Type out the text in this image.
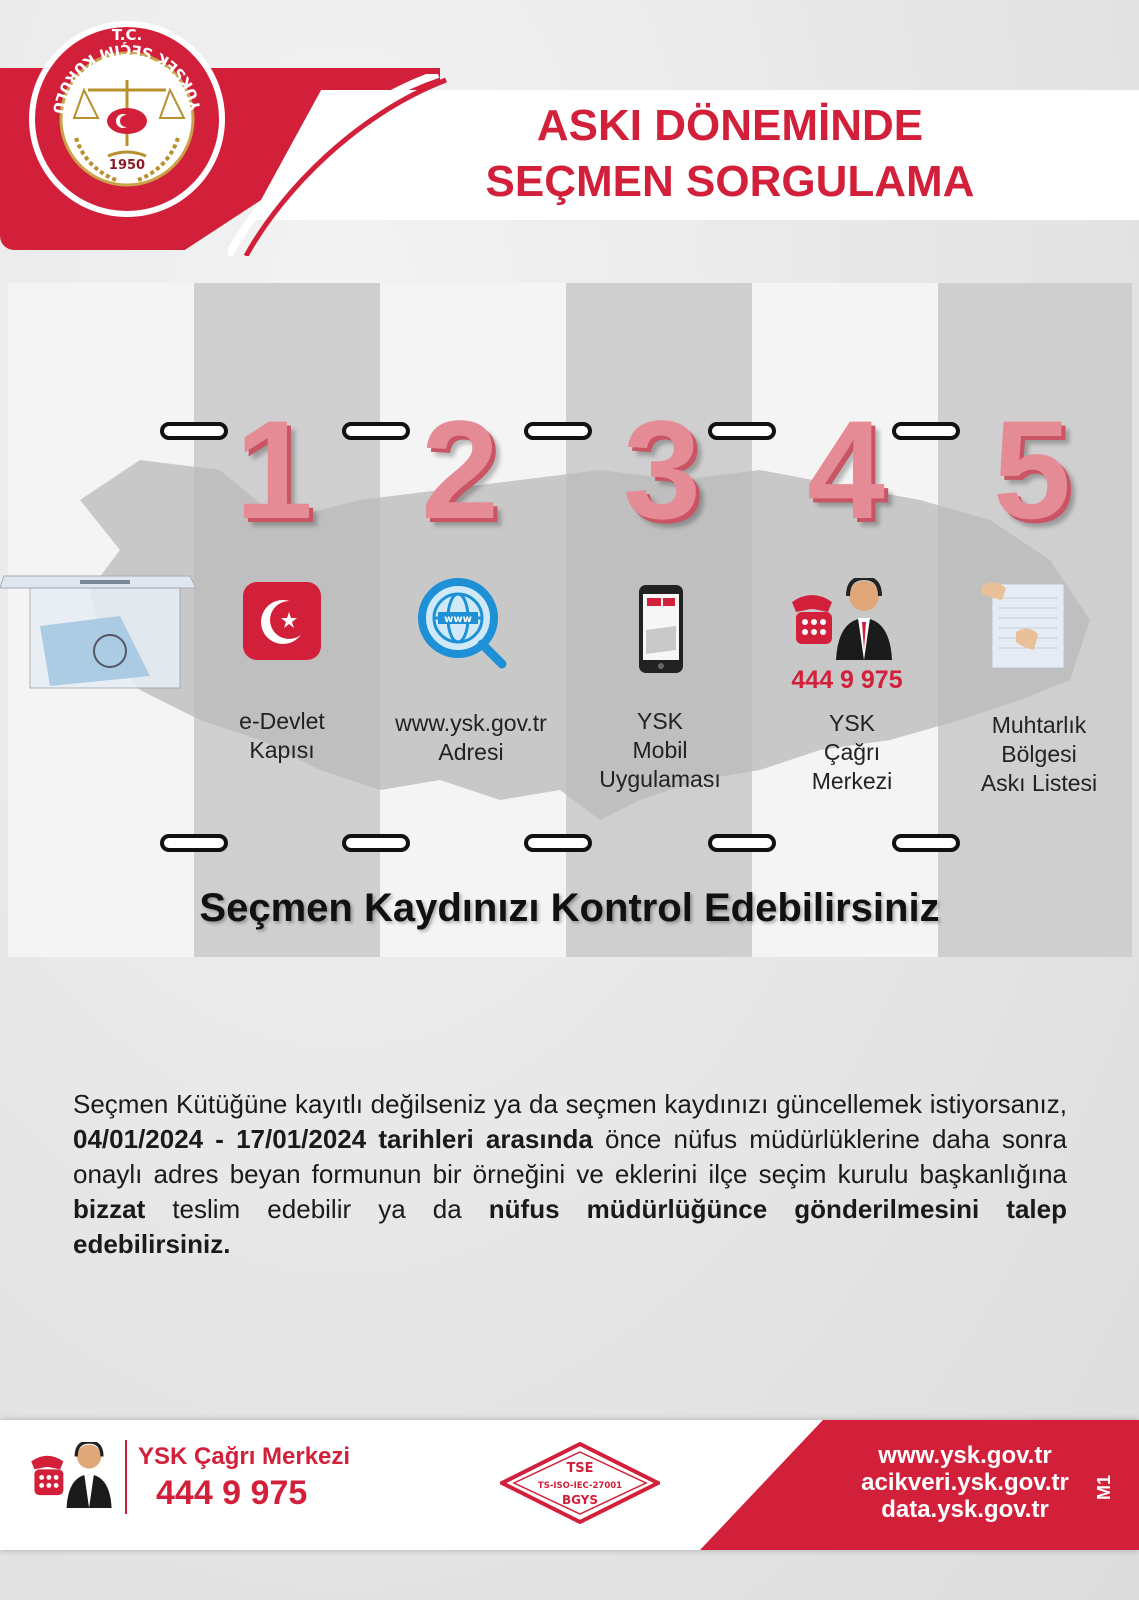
ASKI DÖNEMİNDE
SEÇMEN SORGULAMA
YÜKSEK SEÇİM KURULU
T.C.
1950
1 2 3 4 5
www
444 9 975
e-Devlet
Kapısı
www.ysk.gov.tr
Adresi
YSK
Mobil
Uygulaması
YSK
Çağrı
Merkezi
Muhtarlık
Bölgesi
Askı Listesi
Seçmen Kaydınızı Kontrol Edebilirsiniz
Seçmen Kütüğüne kayıtlı değilseniz ya da seçmen kaydınızı güncellemek istiyorsanız, 04/01/2024 - 17/01/2024 tarihleri arasında önce nüfus müdürlüklerine daha sonra onaylı adres beyan formunun bir örneğini ve eklerini ilçe seçim kurulu başkanlığına bizzat teslim edebilir ya da nüfus müdürlüğünce gönderilmesini talep edebilirsiniz.
YSK Çağrı Merkezi
444 9 975
TSE
TS-ISO-IEC-27001
BGYS
www.ysk.gov.tr
acikveri.ysk.gov.tr
data.ysk.gov.tr
M1
